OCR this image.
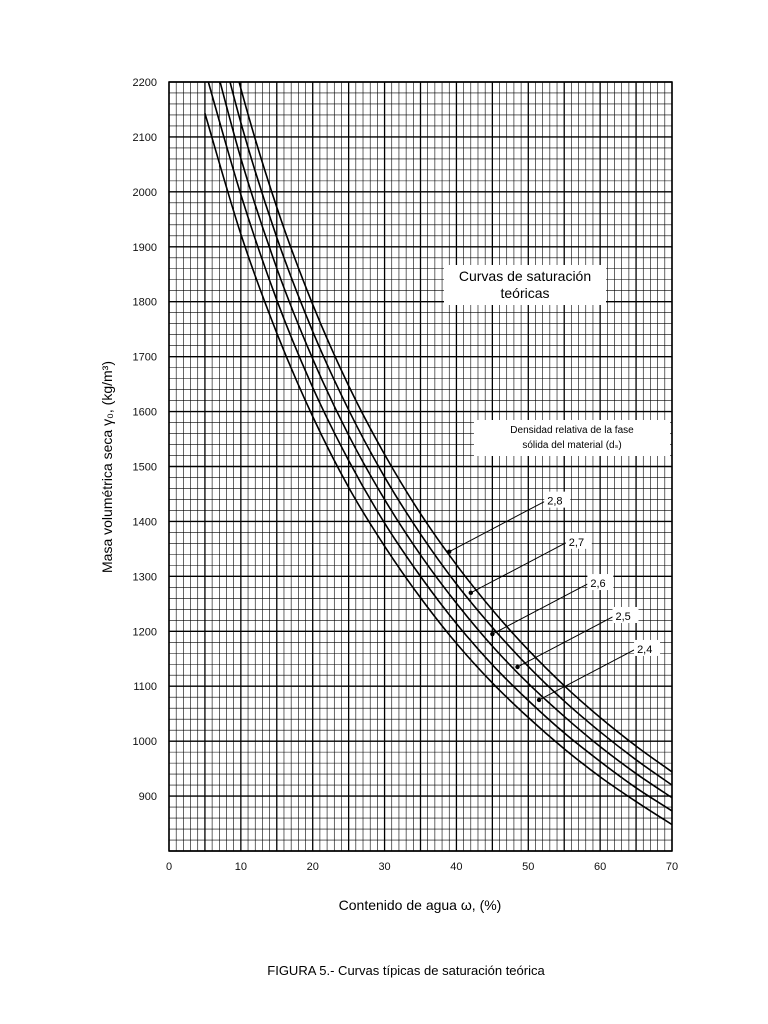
0	10	20	30	40	50	60	70
900
1000
1100
1200
1300
1400
1500
1600
1700
1800
1900
2000
2100
2200
Curvas de saturación
teóricas
Densidad relativa de la fase
sólida del material (dₛ)
2,8
2,7
2,6
2,5
2,4
Masa volumétrica seca γ₀, (kg/m³)
Contenido de agua ω, (%)
FIGURA 5.- Curvas típicas de saturación teórica
